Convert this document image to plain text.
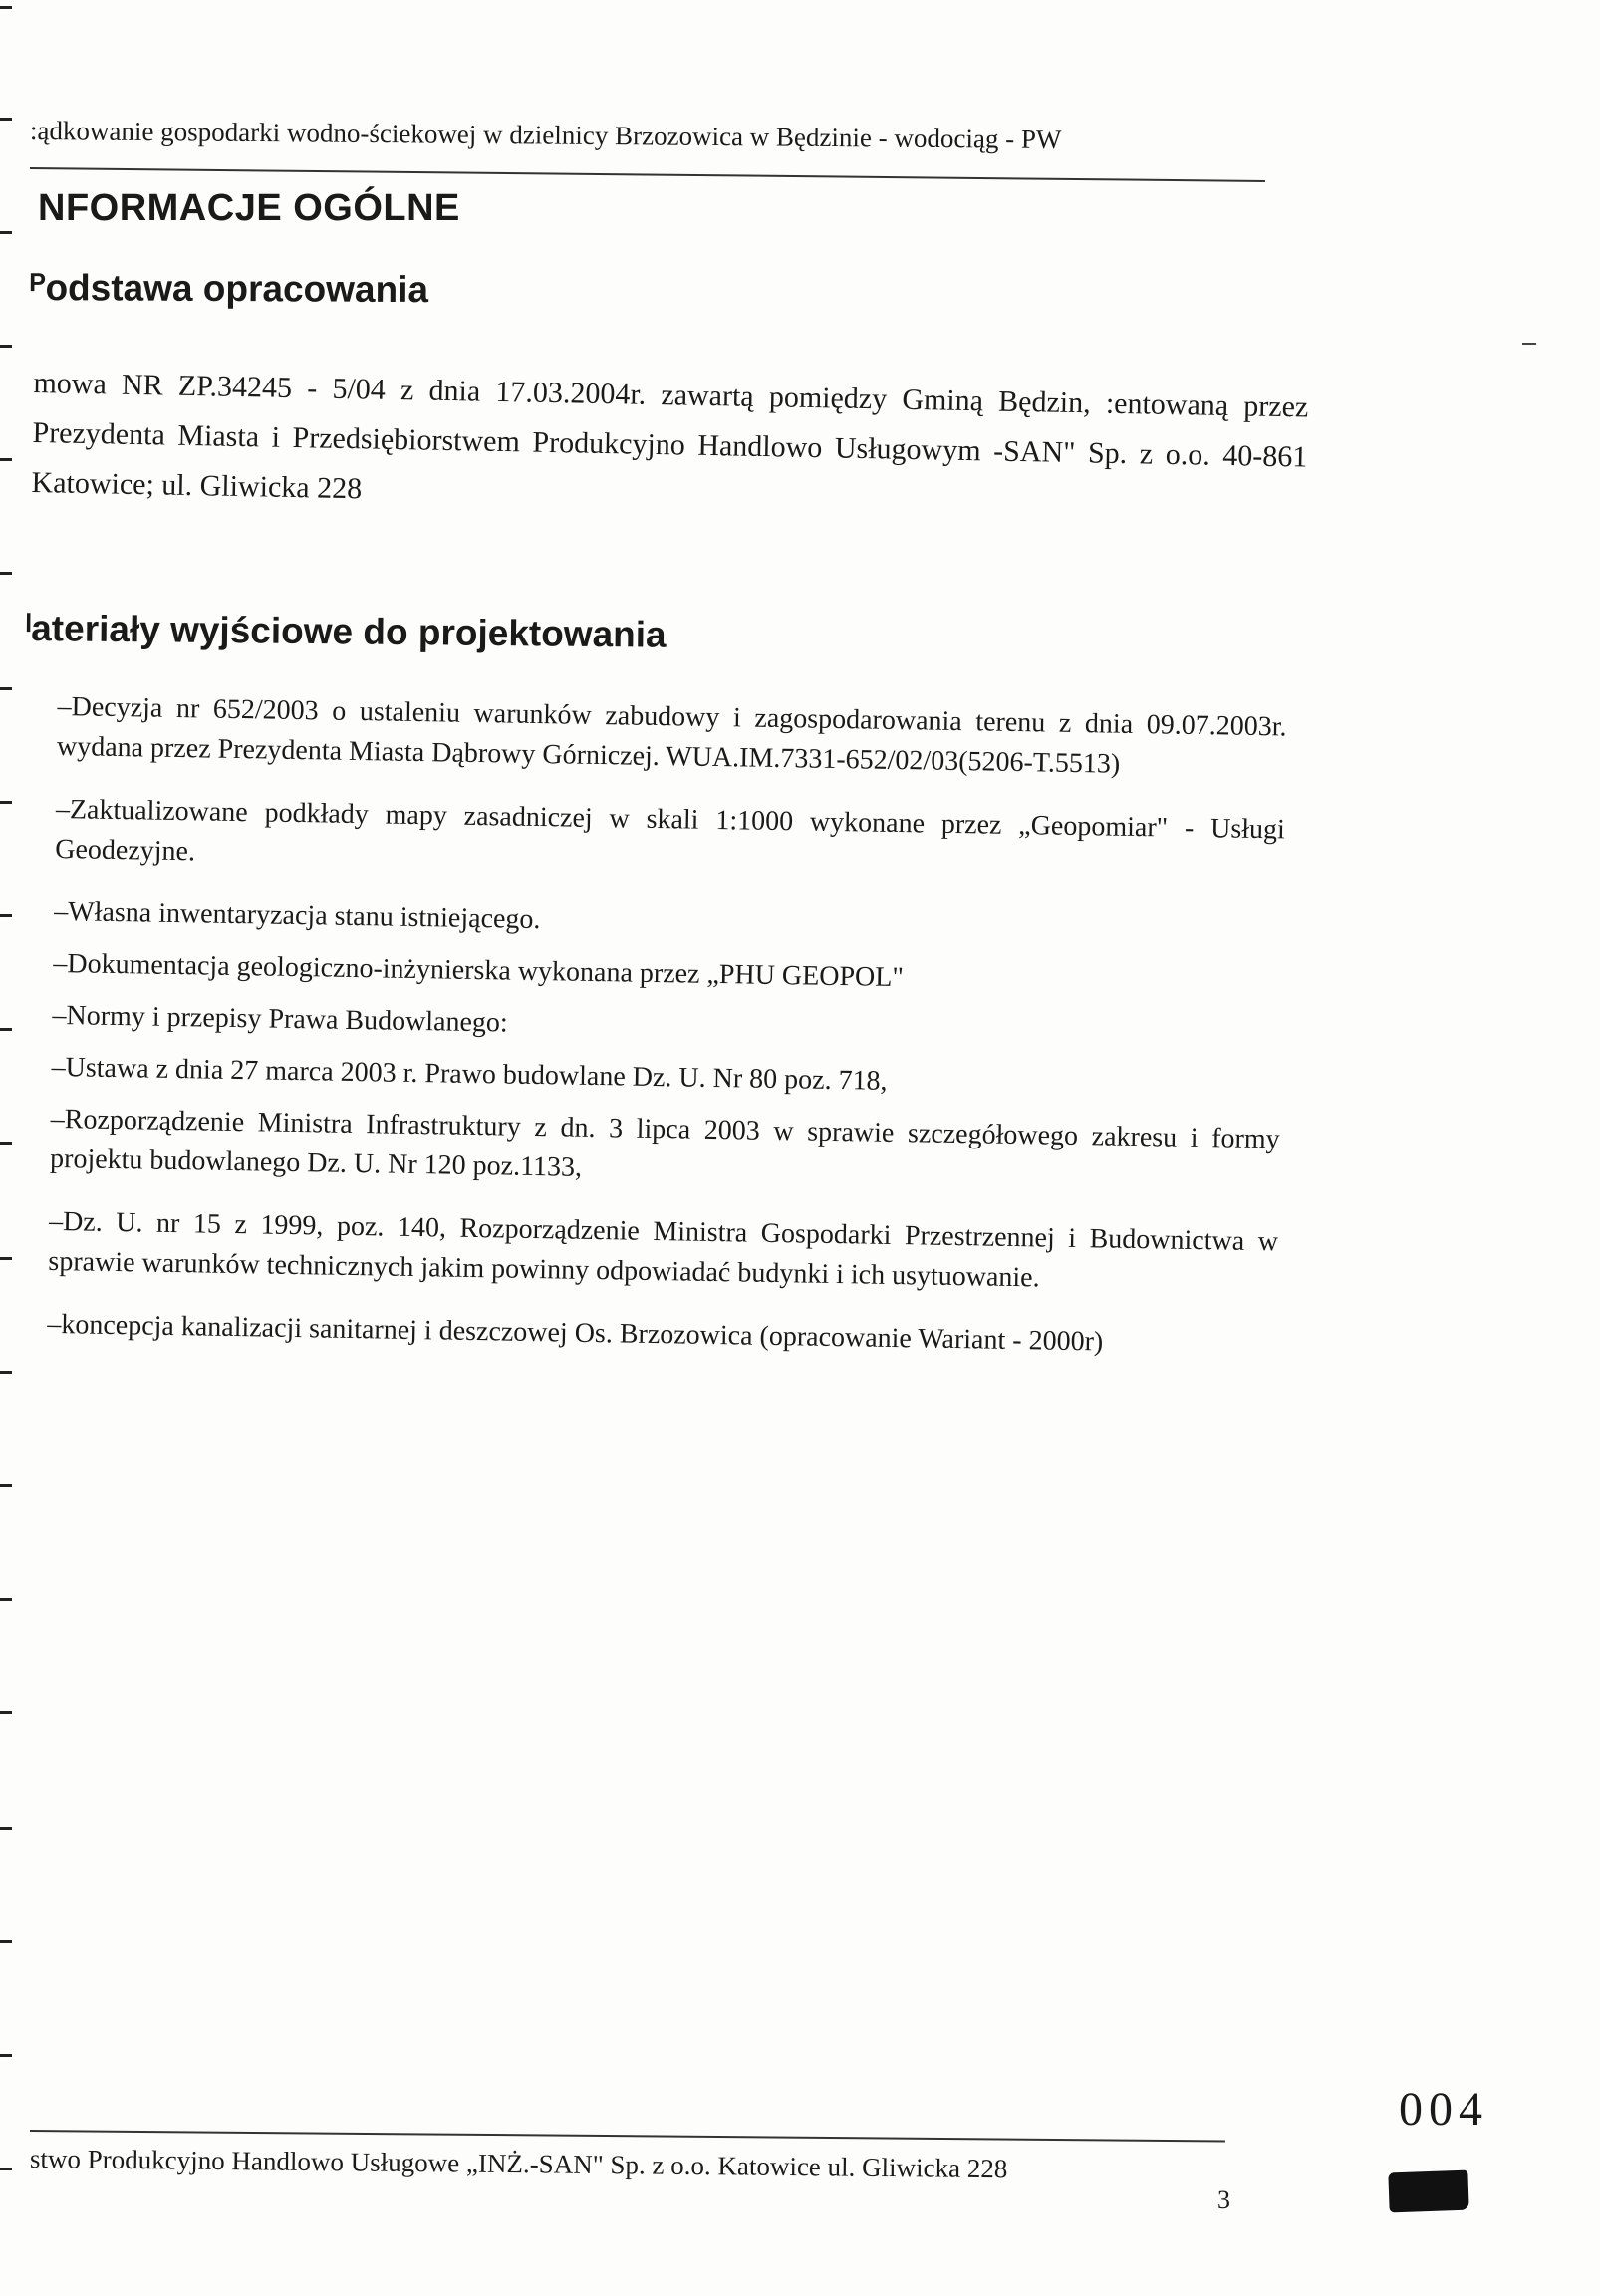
:ądkowanie gospodarki wodno-ściekowej w dzielnicy Brzozowica w Będzinie - wodociąg - PW
NFORMACJE OGÓLNE
ᴾodstawa opracowania

mowa NR ZP.34245 - 5/04 z dnia 17.03.2004r. zawartą pomiędzy Gminą Będzin, :entowaną przez Prezydenta Miasta i Przedsiębiorstwem Produkcyjno Handlowo Usługowym -SAN" Sp. z o.o. 40-861 Katowice; ul. Gliwicka 228

ˡateriały wyjściowe do projektowania

–Decyzja nr 652/2003 o ustaleniu warunków zabudowy i zagospodarowania terenu z dnia 09.07.2003r. wydana przez Prezydenta Miasta Dąbrowy Górniczej. WUA.IM.7331-652/02/03(5206-T.5513)

–Zaktualizowane podkłady mapy zasadniczej w skali 1:1000 wykonane przez „Geopomiar" - Usługi Geodezyjne.

–Własna inwentaryzacja stanu istniejącego.

–Dokumentacja geologiczno-inżynierska wykonana przez „PHU GEOPOL"

–Normy i przepisy Prawa Budowlanego:

–Ustawa z dnia 27 marca 2003 r. Prawo budowlane Dz. U. Nr 80 poz. 718,

–Rozporządzenie Ministra Infrastruktury z dn. 3 lipca 2003 w sprawie szczegółowego zakresu i formy projektu budowlanego Dz. U. Nr 120 poz.1133,

–Dz. U. nr 15 z 1999, poz. 140, Rozporządzenie Ministra Gospodarki Przestrzennej i Budownictwa w sprawie warunków technicznych jakim powinny odpowiadać budynki i ich usytuowanie.

–koncepcja kanalizacji sanitarnej i deszczowej Os. Brzozowica (opracowanie Wariant - 2000r)

stwo Produkcyjno Handlowo Usługowe „INŻ.-SAN" Sp. z o.o. Katowice ul. Gliwicka 228
3
004
